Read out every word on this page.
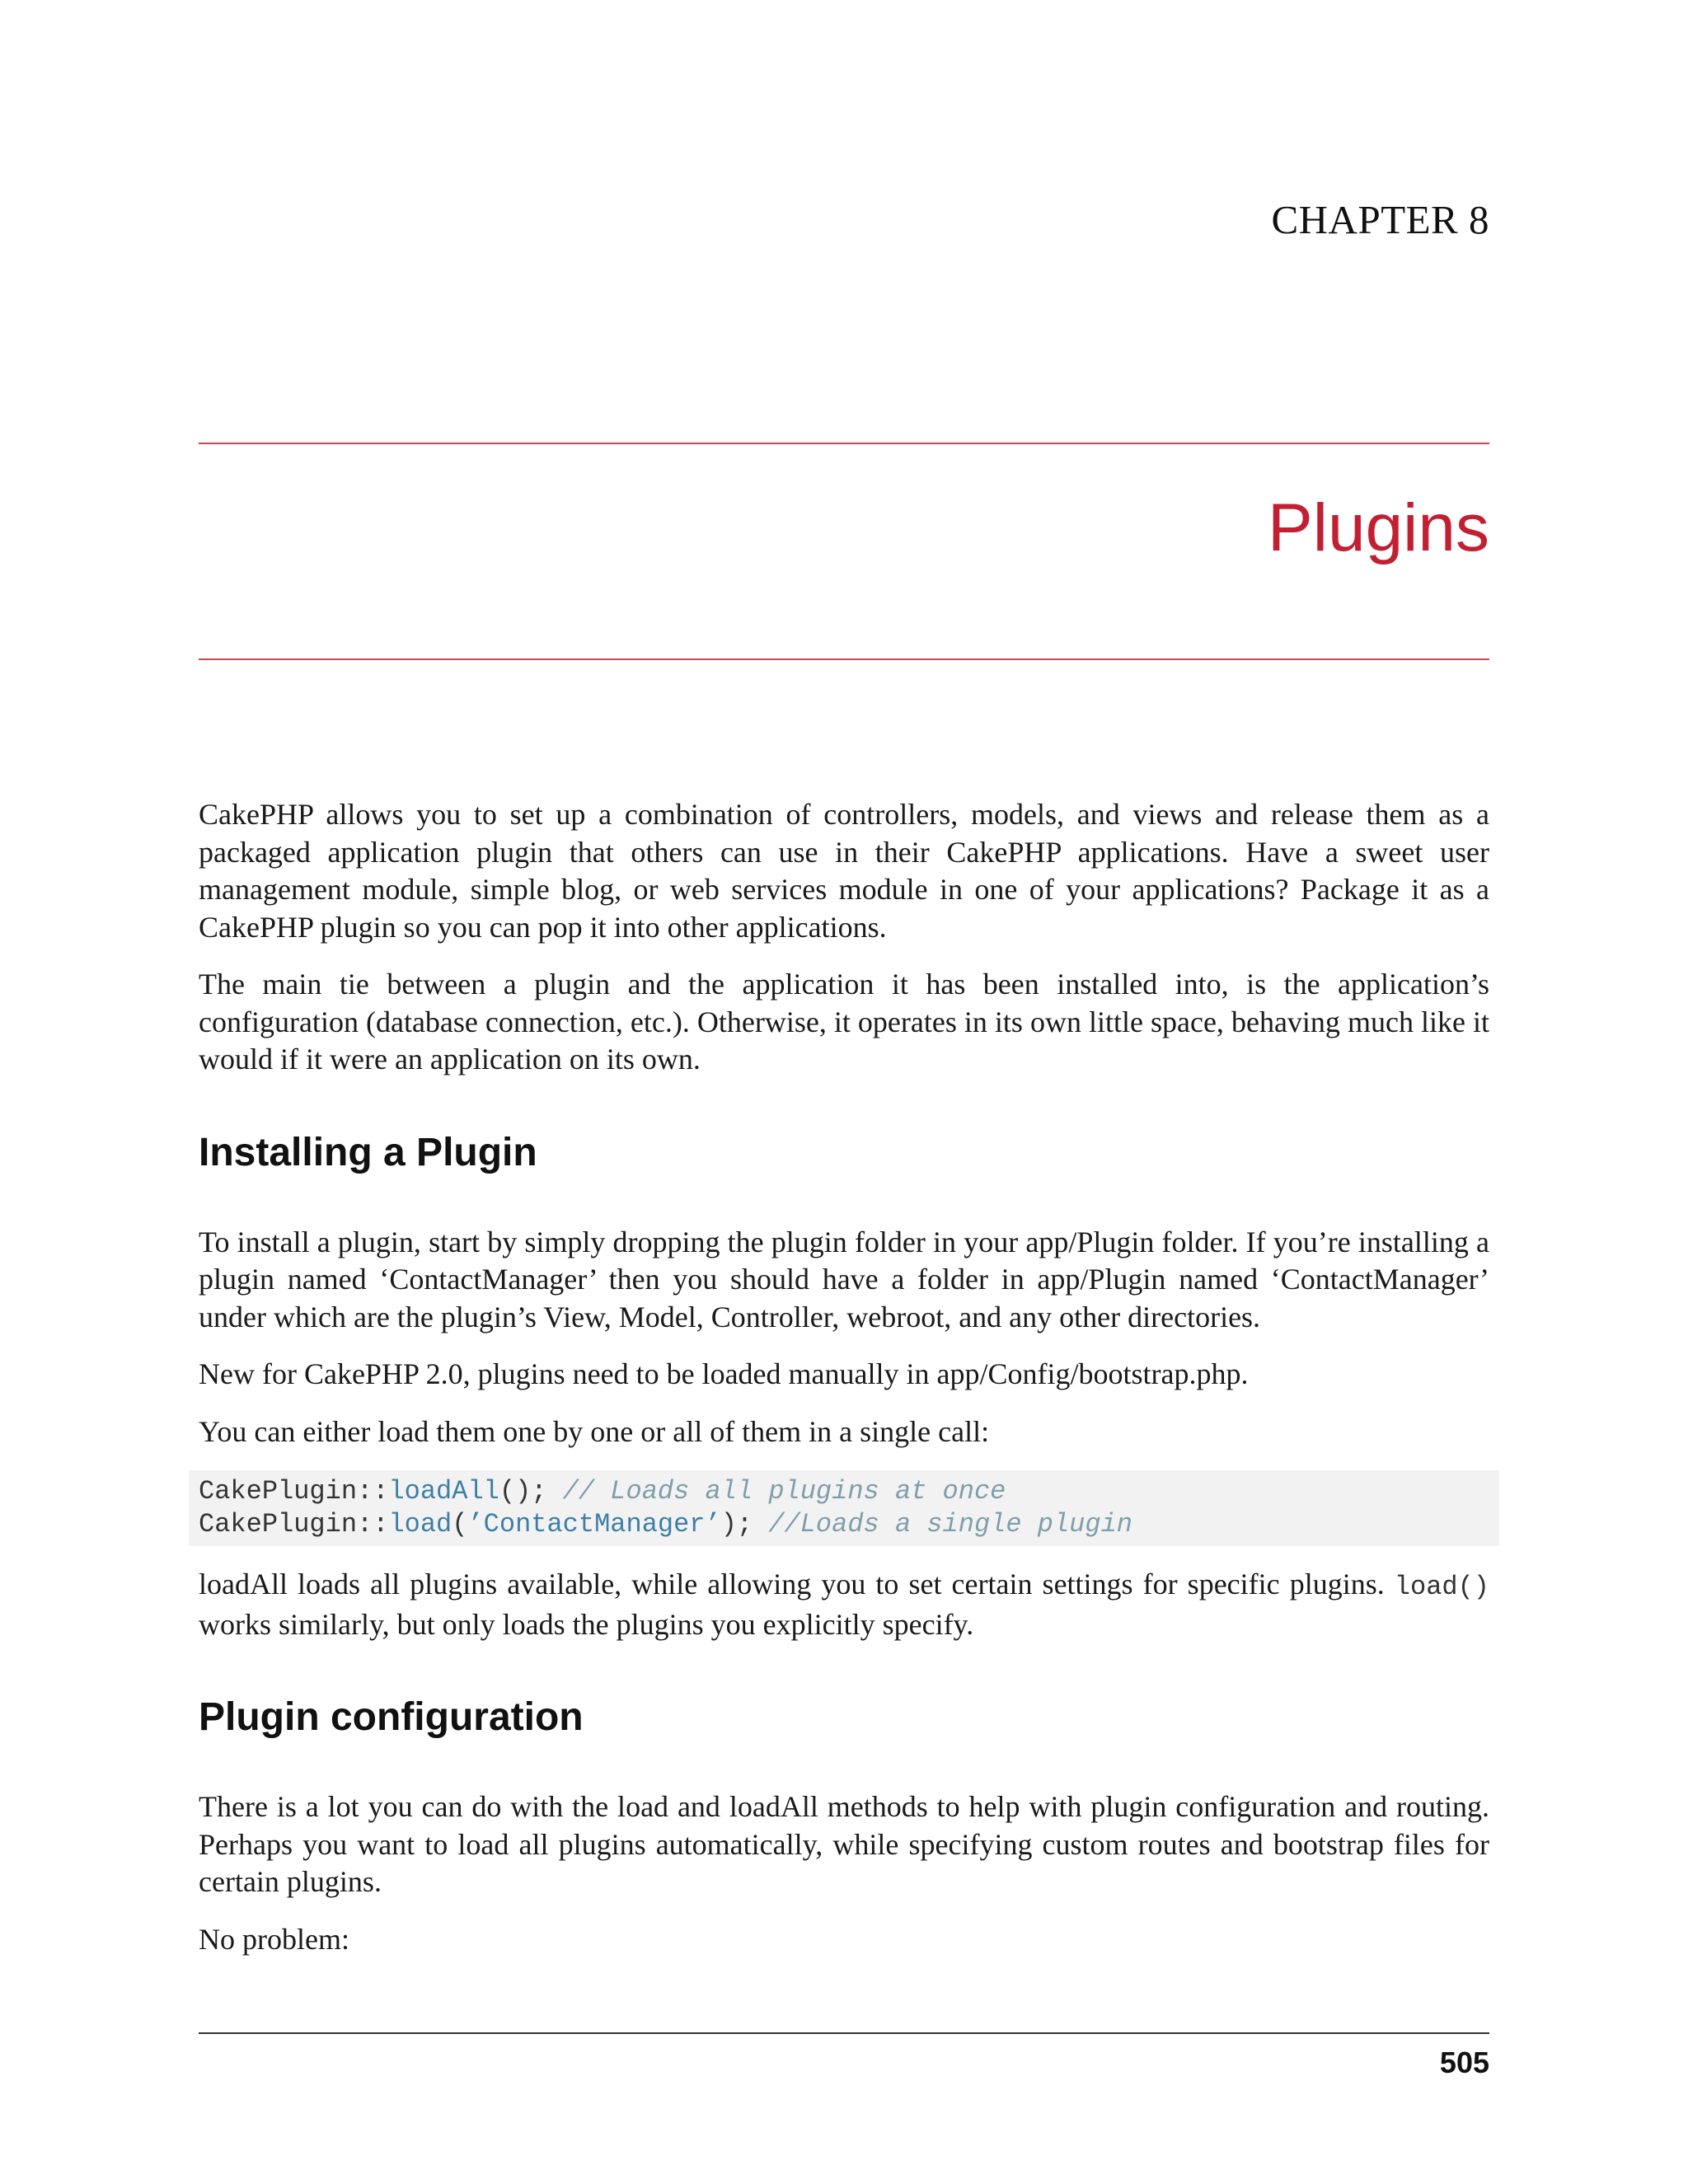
CHAPTER 8
Plugins

CakePHP allows you to set up a combination of controllers, models, and views and release them as a packaged application plugin that others can use in their CakePHP applications. Have a sweet user management module, simple blog, or web services module in one of your applications? Package it as a CakePHP plugin so you can pop it into other applications.

The main tie between a plugin and the application it has been installed into, is the application’s configuration (database connection, etc.). Otherwise, it operates in its own little space, behaving much like it would if it were an application on its own.

Installing a Plugin

To install a plugin, start by simply dropping the plugin folder in your app/Plugin folder. If you’re installing a plugin named ‘ContactManager’ then you should have a folder in app/Plugin named ‘ContactManager’ under which are the plugin’s View, Model, Controller, webroot, and any other directories.

New for CakePHP 2.0, plugins need to be loaded manually in app/Config/bootstrap.php.

You can either load them one by one or all of them in a single call:

CakePlugin::loadAll(); // Loads all plugins at once
CakePlugin::load(’ContactManager’); //Loads a single plugin

loadAll loads all plugins available, while allowing you to set certain settings for specific plugins. load() works similarly, but only loads the plugins you explicitly specify.

Plugin configuration

There is a lot you can do with the load and loadAll methods to help with plugin configuration and routing. Perhaps you want to load all plugins automatically, while specifying custom routes and bootstrap files for certain plugins.

No problem:

505
